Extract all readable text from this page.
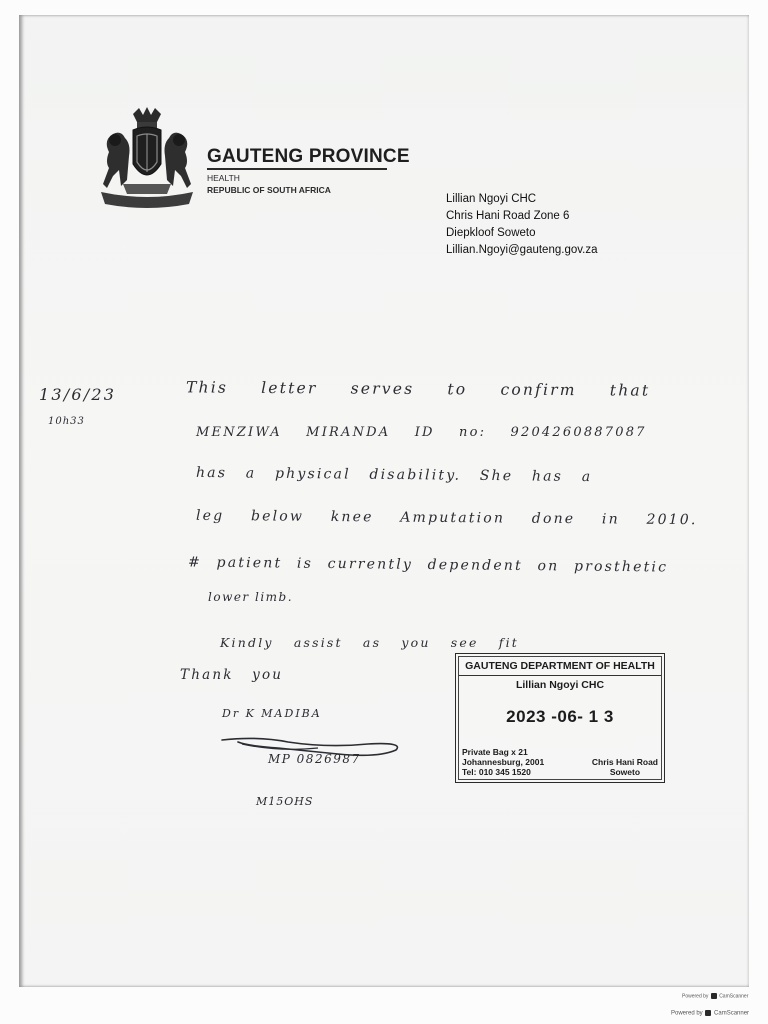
GAUTENG PROVINCE
HEALTH
REPUBLIC OF SOUTH AFRICA
Lillian Ngoyi CHC
Chris Hani Road Zone 6
Diepkloof Soweto
Lillian.Ngoyi@gauteng.gov.za
13/6/23
10h33
This letter serves to confirm that
MENZIWA MIRANDA ID no: 9204260887087
has a physical disability. She has a
leg below knee Amputation done in 2010.
# patient is currently dependent on prosthetic
lower limb.
Kindly assist as you see fit
Thank you
Dr K MADIBA
MP 0826987
M15OHS
GAUTENG DEPARTMENT OF HEALTH
Lillian Ngoyi CHC
2023 -06- 1 3
Private Bag x 21
Johannesburg, 2001
Tel: 010 345 1520
Chris Hani Road
Soweto
Powered by CamScanner
Powered by CamScanner
